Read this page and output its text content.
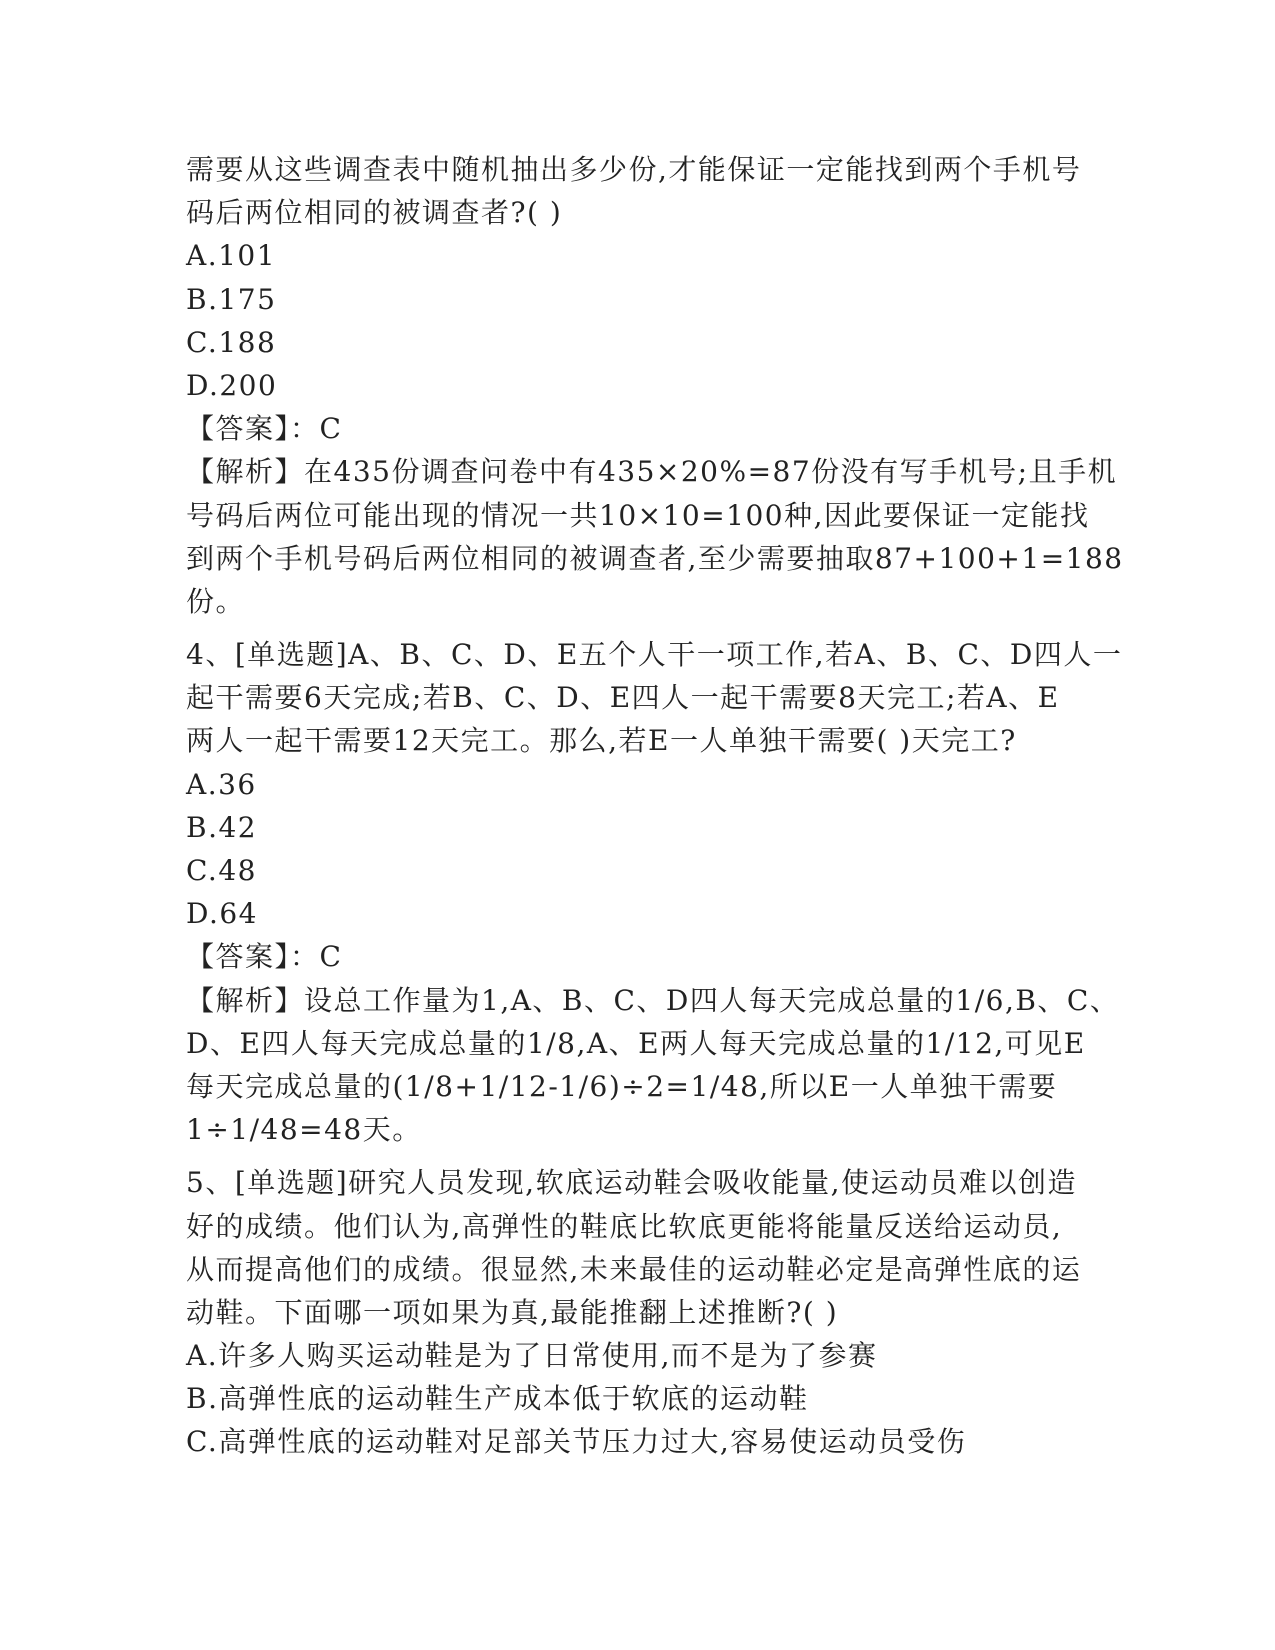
需要从这些调查表中随机抽出多少份,才能保证一定能找到两个手机号
码后两位相同的被调查者?( )
A.101
B.175
C.188
D.200
【答案】：C
【解析】在435份调查问卷中有435×20%=87份没有写手机号;且手机
号码后两位可能出现的情况一共10×10=100种,因此要保证一定能找
到两个手机号码后两位相同的被调查者,至少需要抽取87+100+1=188
份。
4、[单选题]A、B、C、D、E五个人干一项工作,若A、B、C、D四人一
起干需要6天完成;若B、C、D、E四人一起干需要8天完工;若A、E
两人一起干需要12天完工。那么,若E一人单独干需要( )天完工?
A.36
B.42
C.48
D.64
【答案】：C
【解析】设总工作量为1,A、B、C、D四人每天完成总量的1/6,B、C、
D、E四人每天完成总量的1/8,A、E两人每天完成总量的1/12,可见E
每天完成总量的(1/8+1/12-1/6)÷2=1/48,所以E一人单独干需要
1÷1/48=48天。
5、[单选题]研究人员发现,软底运动鞋会吸收能量,使运动员难以创造
好的成绩。他们认为,高弹性的鞋底比软底更能将能量反送给运动员,
从而提高他们的成绩。很显然,未来最佳的运动鞋必定是高弹性底的运
动鞋。下面哪一项如果为真,最能推翻上述推断?( )
A.许多人购买运动鞋是为了日常使用,而不是为了参赛
B.高弹性底的运动鞋生产成本低于软底的运动鞋
C.高弹性底的运动鞋对足部关节压力过大,容易使运动员受伤
